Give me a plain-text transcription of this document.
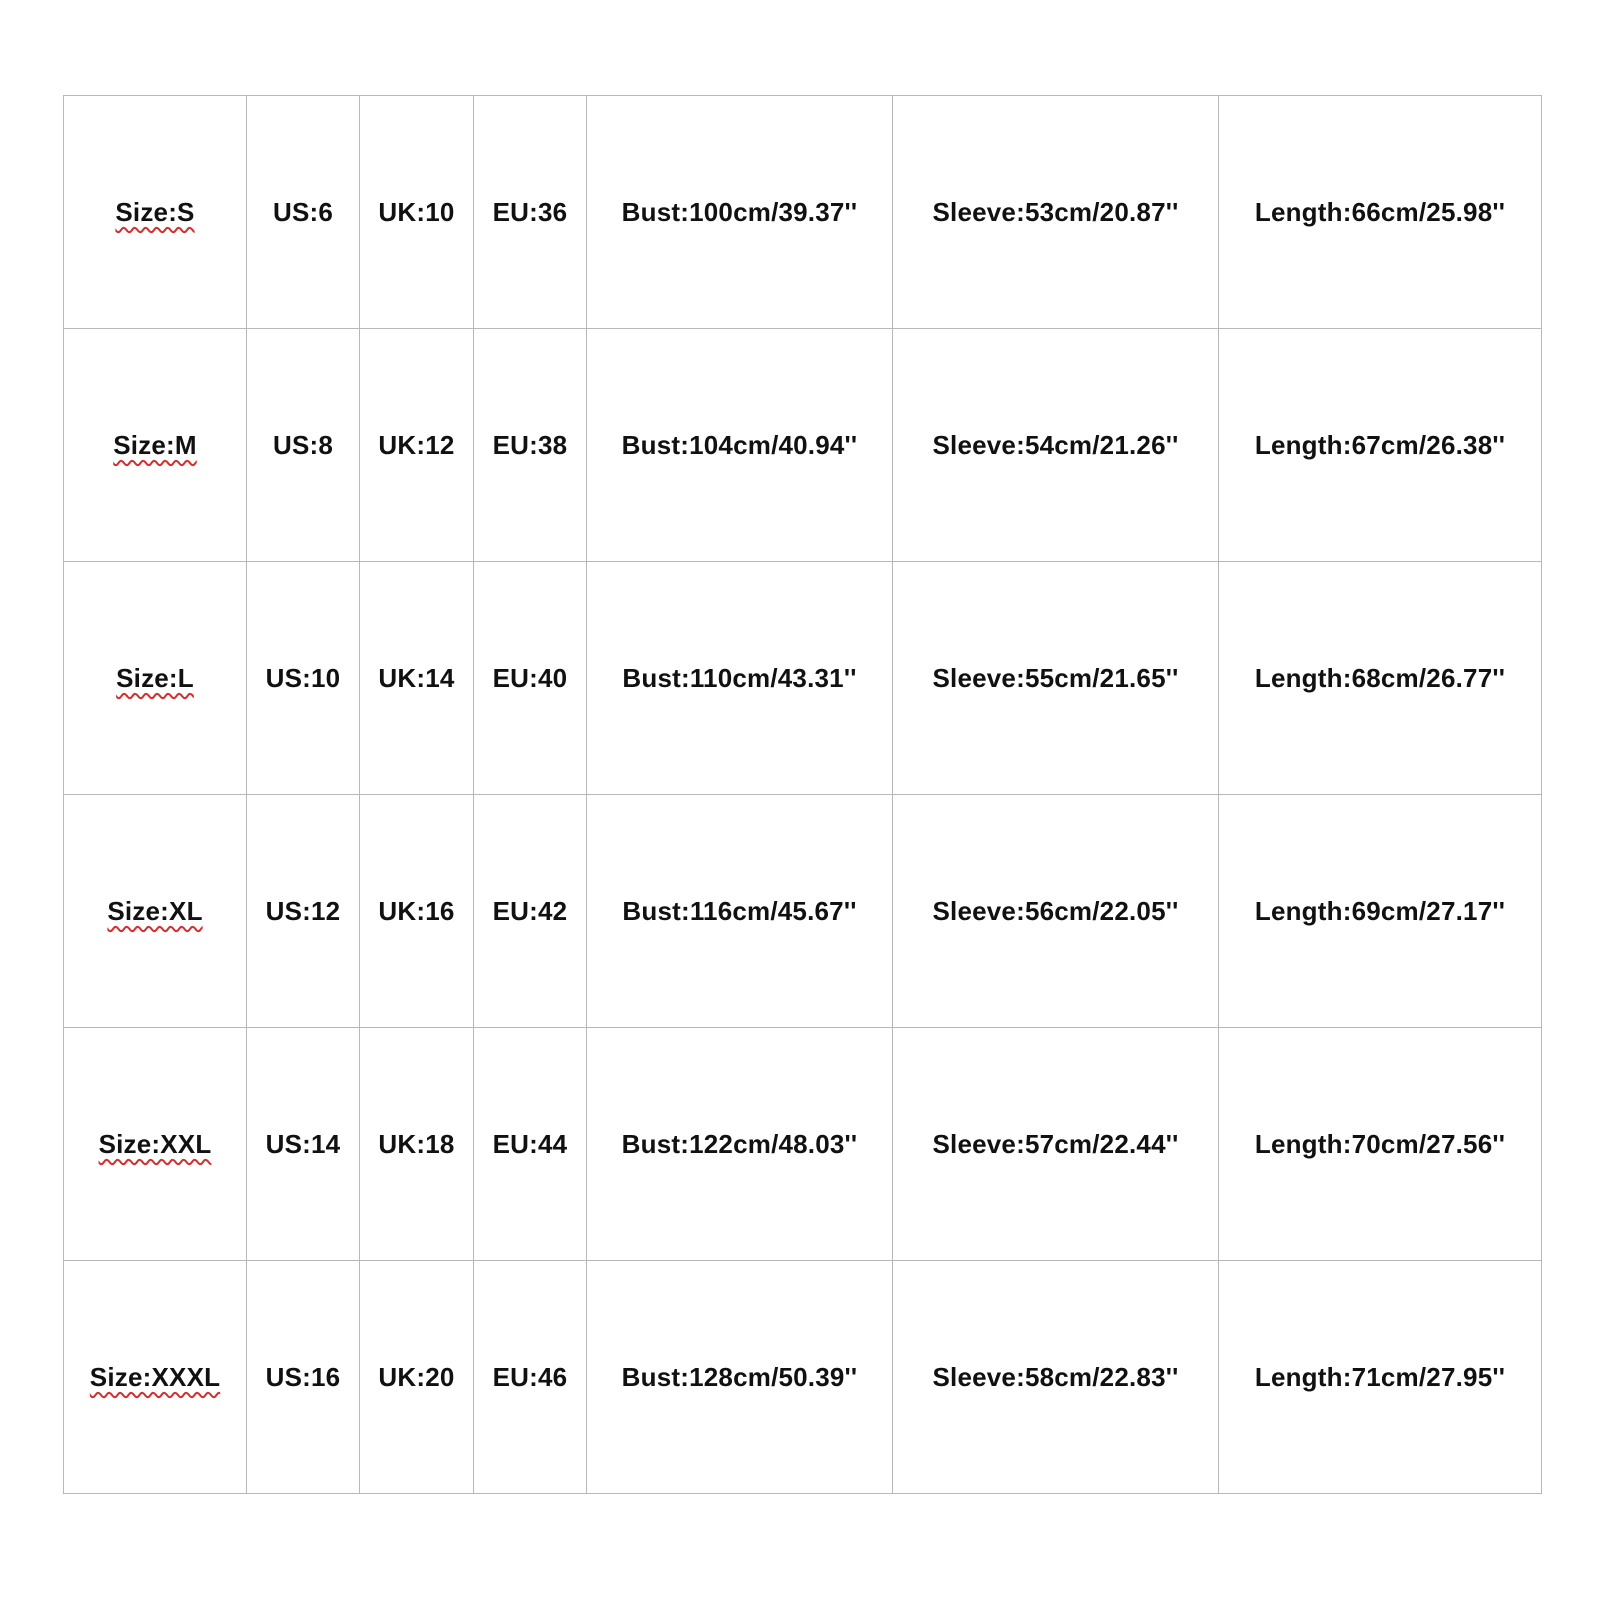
Size:S	US:6	UK:10	EU:36	Bust:100cm/39.37''	Sleeve:53cm/20.87''	Length:66cm/25.98''
Size:M	US:8	UK:12	EU:38	Bust:104cm/40.94''	Sleeve:54cm/21.26''	Length:67cm/26.38''
Size:L	US:10	UK:14	EU:40	Bust:110cm/43.31''	Sleeve:55cm/21.65''	Length:68cm/26.77''
Size:XL	US:12	UK:16	EU:42	Bust:116cm/45.67''	Sleeve:56cm/22.05''	Length:69cm/27.17''
Size:XXL	US:14	UK:18	EU:44	Bust:122cm/48.03''	Sleeve:57cm/22.44''	Length:70cm/27.56''
Size:XXXL	US:16	UK:20	EU:46	Bust:128cm/50.39''	Sleeve:58cm/22.83''	Length:71cm/27.95''
